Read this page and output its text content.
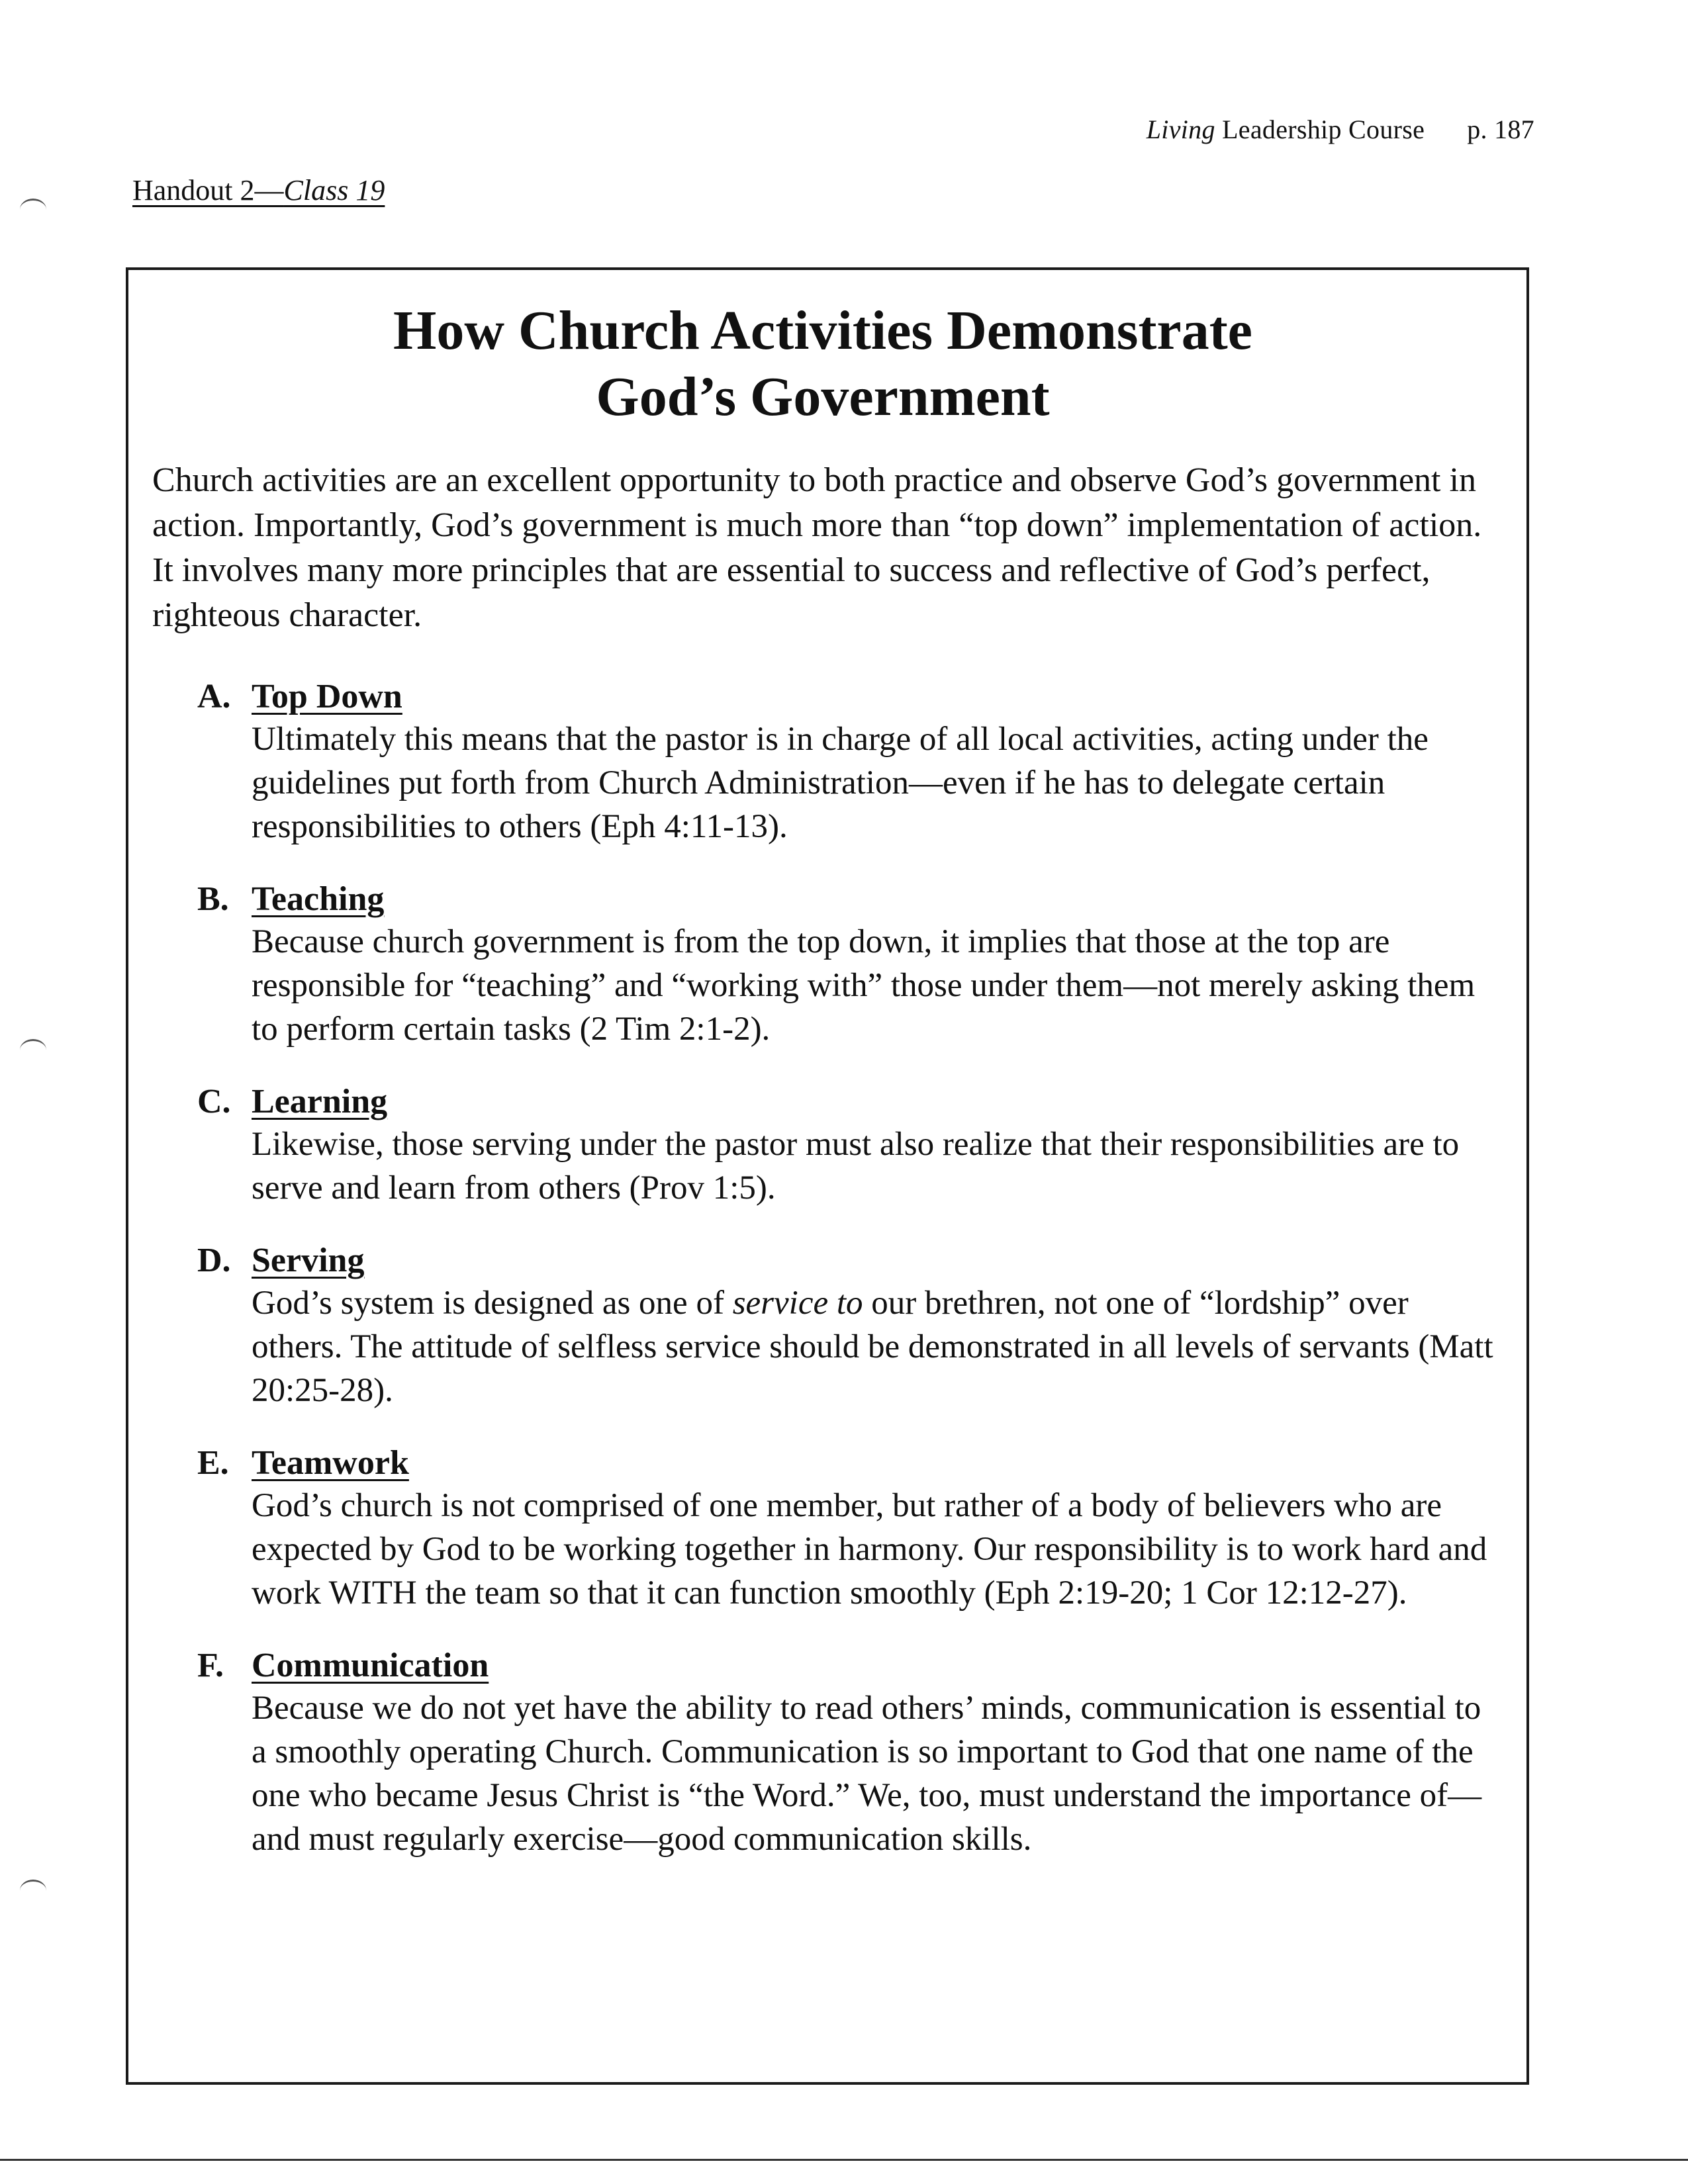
Living Leadership Course p. 187
Handout 2—Class 19
How Church Activities Demonstrate
God’s Government

Church activities are an excellent opportunity to both practice and observe God’s government in action. Importantly, God’s government is much more than “top down” implementation of action. It involves many more principles that are essential to success and reflective of God’s perfect, righteous character.

A. Top Down
Ultimately this means that the pastor is in charge of all local activities, acting under the guidelines put forth from Church Administration—even if he has to delegate certain responsibilities to others (Eph 4:11-13).
B. Teaching
Because church government is from the top down, it implies that those at the top are responsible for “teaching” and “working with” those under them—not merely asking them to perform certain tasks (2 Tim 2:1-2).
C. Learning
Likewise, those serving under the pastor must also realize that their responsibilities are to serve and learn from others (Prov 1:5).
D. Serving
God’s system is designed as one of service to our brethren, not one of “lordship” over others. The attitude of selfless service should be demonstrated in all levels of servants (Matt 20:25-28).
E. Teamwork
God’s church is not comprised of one member, but rather of a body of believers who are expected by God to be working together in harmony. Our responsibility is to work hard and work WITH the team so that it can function smoothly (Eph 2:19-20; 1 Cor 12:12-27).
F. Communication
Because we do not yet have the ability to read others’ minds, communication is essential to a smoothly operating Church. Communication is so important to God that one name of the one who became Jesus Christ is “the Word.” We, too, must understand the importance of—and must regularly exercise—good communication skills.
